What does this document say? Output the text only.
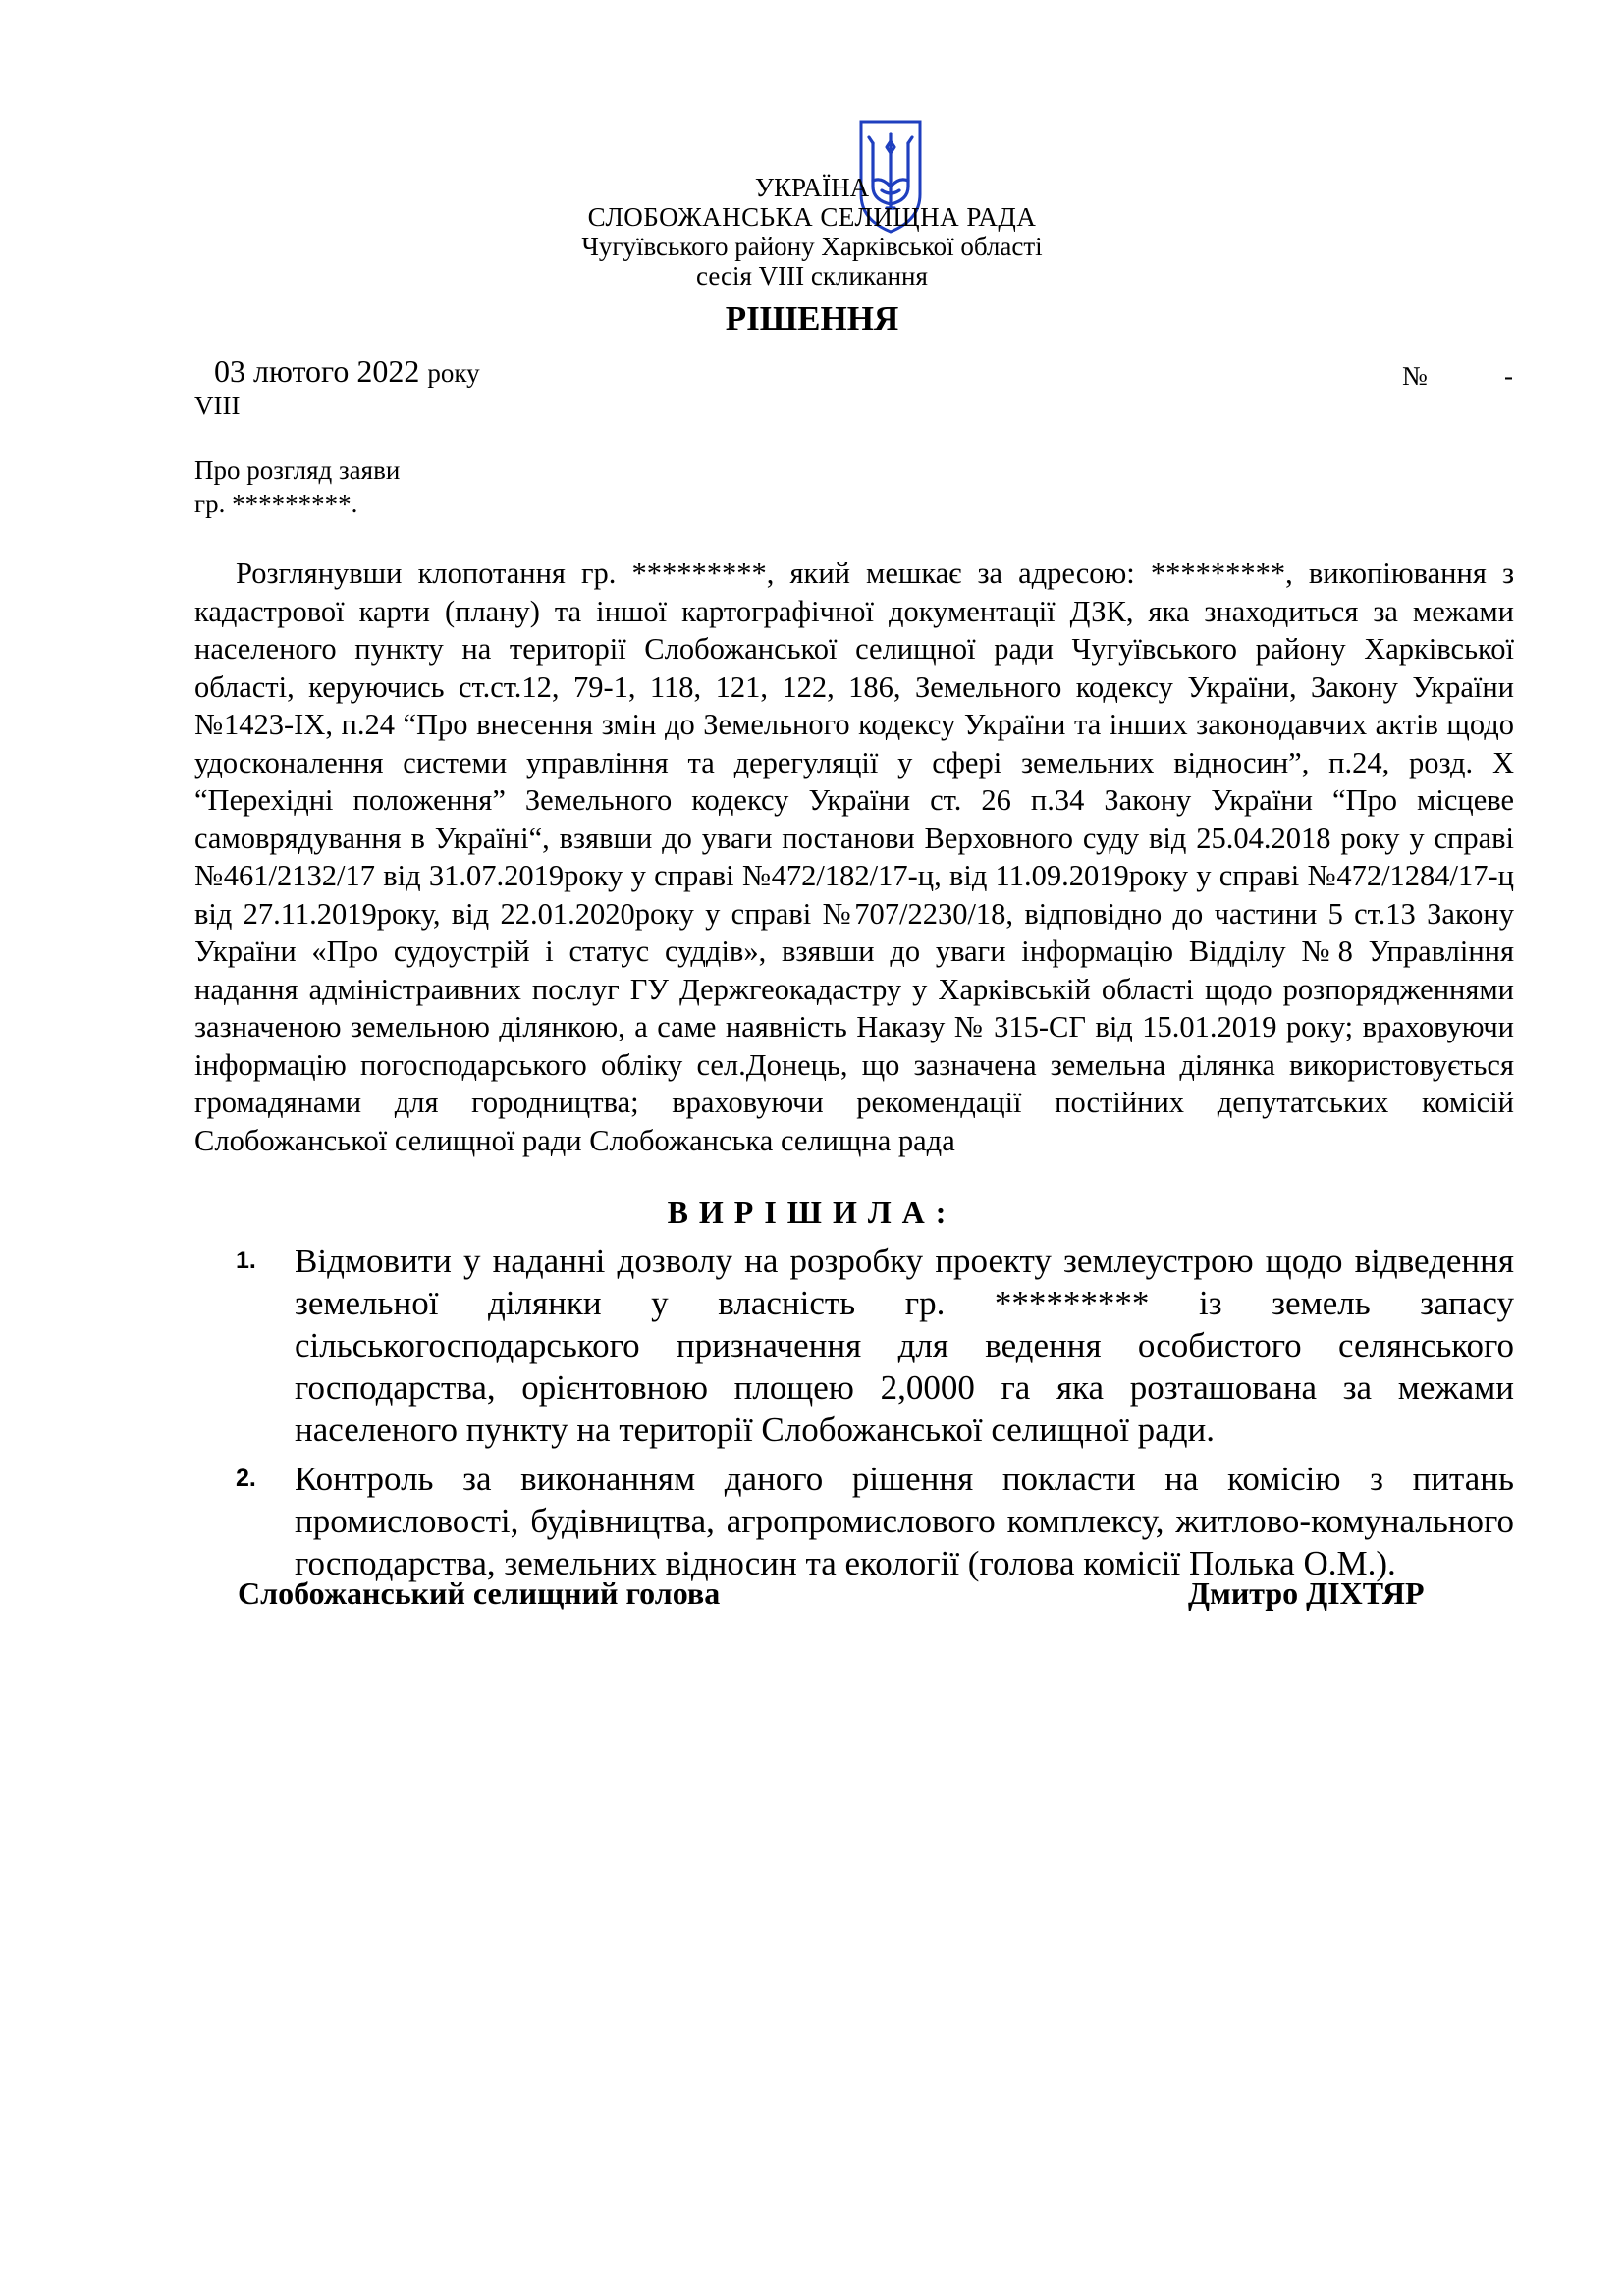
УКРАЇНА
СЛОБОЖАНСЬКА СЕЛИЩНА РАДА
Чугуївського району Харківської області
сесія VIII скликання
РІШЕННЯ
03 лютого 2022 року	№	-
VIII
Про розгляд заяви
гр. *********.
Розглянувши клопотання гр. *********, який мешкає за адресою: *********, викопіювання з кадастрової карти (плану) та іншої картографічної документації ДЗК, яка знаходиться за межами населеного пункту на території Слобожанської селищної ради Чугуївського району Харківської області, керуючись ст.ст.12, 79-1, 118, 121, 122, 186, Земельного кодексу України, Закону України №1423-IX, п.24 “Про внесення змін до Земельного кодексу України та інших законодавчих актів щодо удосконалення системи управління та дерегуляції у сфері земельних відносин”, п.24, розд. Х “Перехідні положення” Земельного кодексу України ст. 26 п.34 Закону України “Про місцеве самоврядування в Україні“, взявши до уваги постанови Верховного суду від 25.04.2018 року у справі №461/2132/17 від 31.07.2019року у справі №472/182/17-ц, від 11.09.2019року у справі №472/1284/17-ц від 27.11.2019року, від 22.01.2020року у справі №707/2230/18, відповідно до частини 5 ст.13 Закону України «Про судоустрій і статус суддів», взявши до уваги інформацію Відділу №8 Управління надання адміністраивних послуг ГУ Держгеокадастру у Харківській області щодо розпорядженнями зазначеною земельною ділянкою, а саме наявність Наказу № 315-СГ від 15.01.2019 року; враховуючи інформацію погосподарського обліку сел.Донець, що зазначена земельна ділянка використовується громадянами для городництва; враховуючи рекомендації постійних депутатських комісій Слобожанської селищної ради Слобожанська селищна рада
ВИРІШИЛА:
1. Відмовити у наданні дозволу на розробку проекту землеустрою щодо відведення земельної ділянки у власність гр. ********* із земель запасу сільськогосподарського призначення для ведення особистого селянського господарства, орієнтовною площею 2,0000 га яка розташована за межами населеного пункту на території Слобожанської селищної ради.
2. Контроль за виконанням даного рішення покласти на комісію з питань промисловості, будівництва, агропромислового комплексу, житлово-комунального господарства, земельних відносин та екології (голова комісії Полька О.М.).
Слобожанський селищний голова	Дмитро ДІХТЯР
